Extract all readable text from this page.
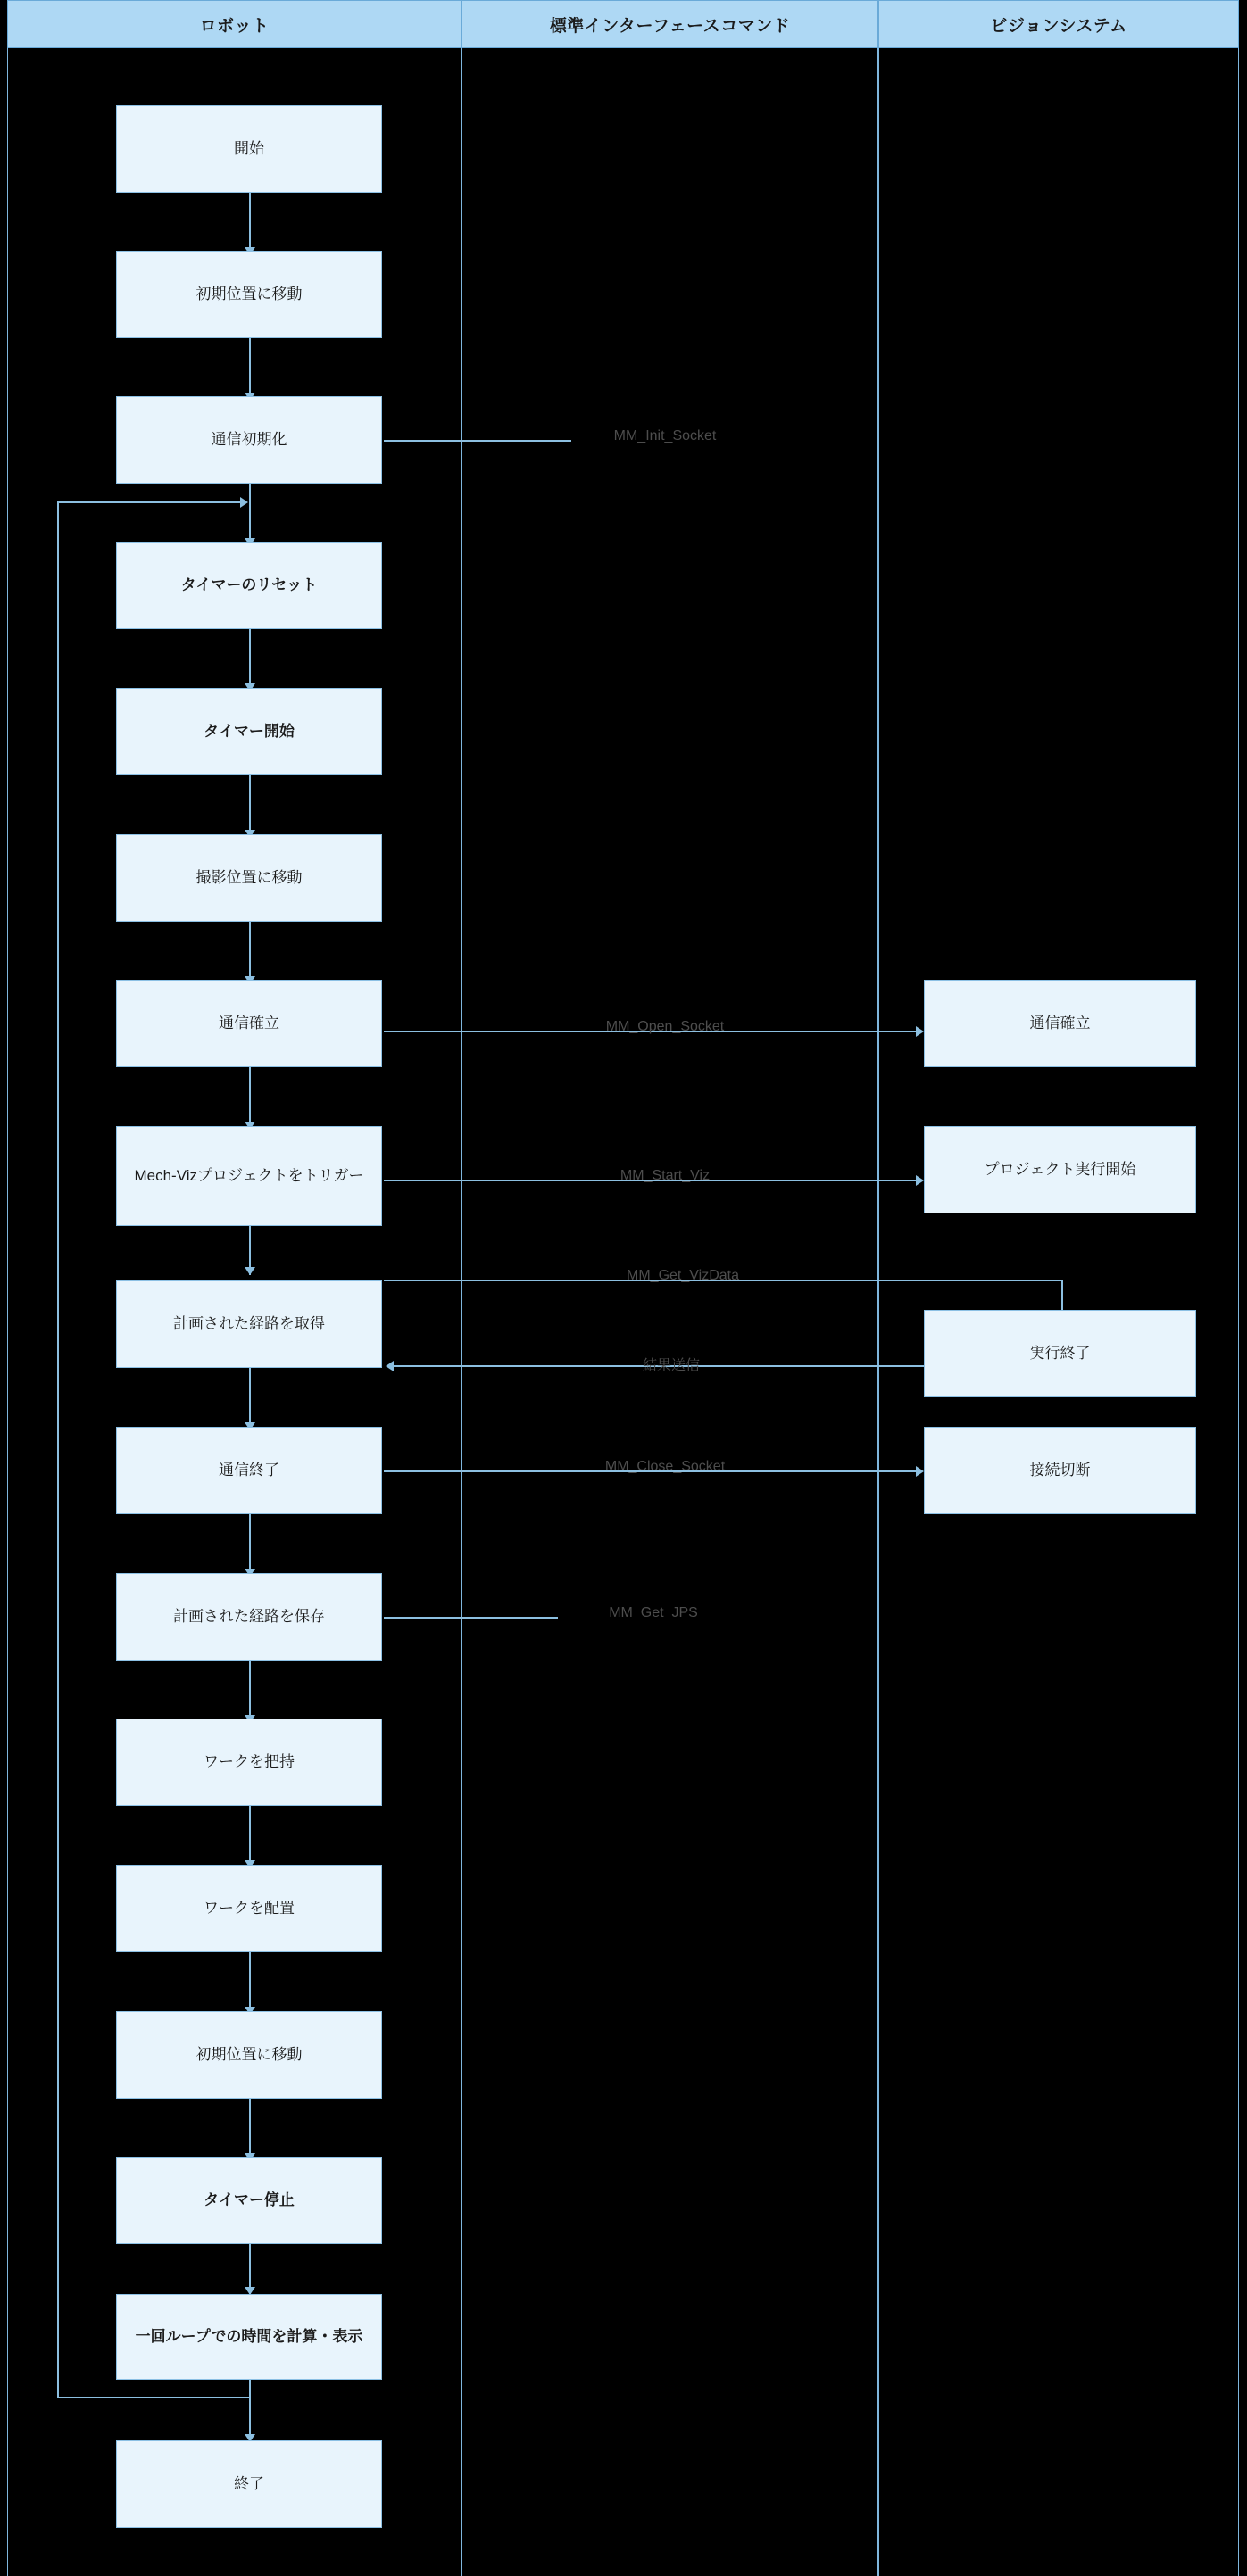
ロボット	標準インターフェースコマンド	ビジョンシステム
MM_Init_Socket
MM_Open_Socket
MM_Start_Viz
MM_Get_VizData
結果送信
MM_Close_Socket
MM_Get_JPS
開始
初期位置に移動
通信初期化
タイマーのリセット
タイマー開始
撮影位置に移動
通信確立
Mech-Vizプロジェクトをトリガー
計画された経路を取得
通信終了
計画された経路を保存
ワークを把持
ワークを配置
初期位置に移動
タイマー停止
一回ループでの時間を計算・表示
終了
通信確立
プロジェクト実行開始
実行終了
接続切断
